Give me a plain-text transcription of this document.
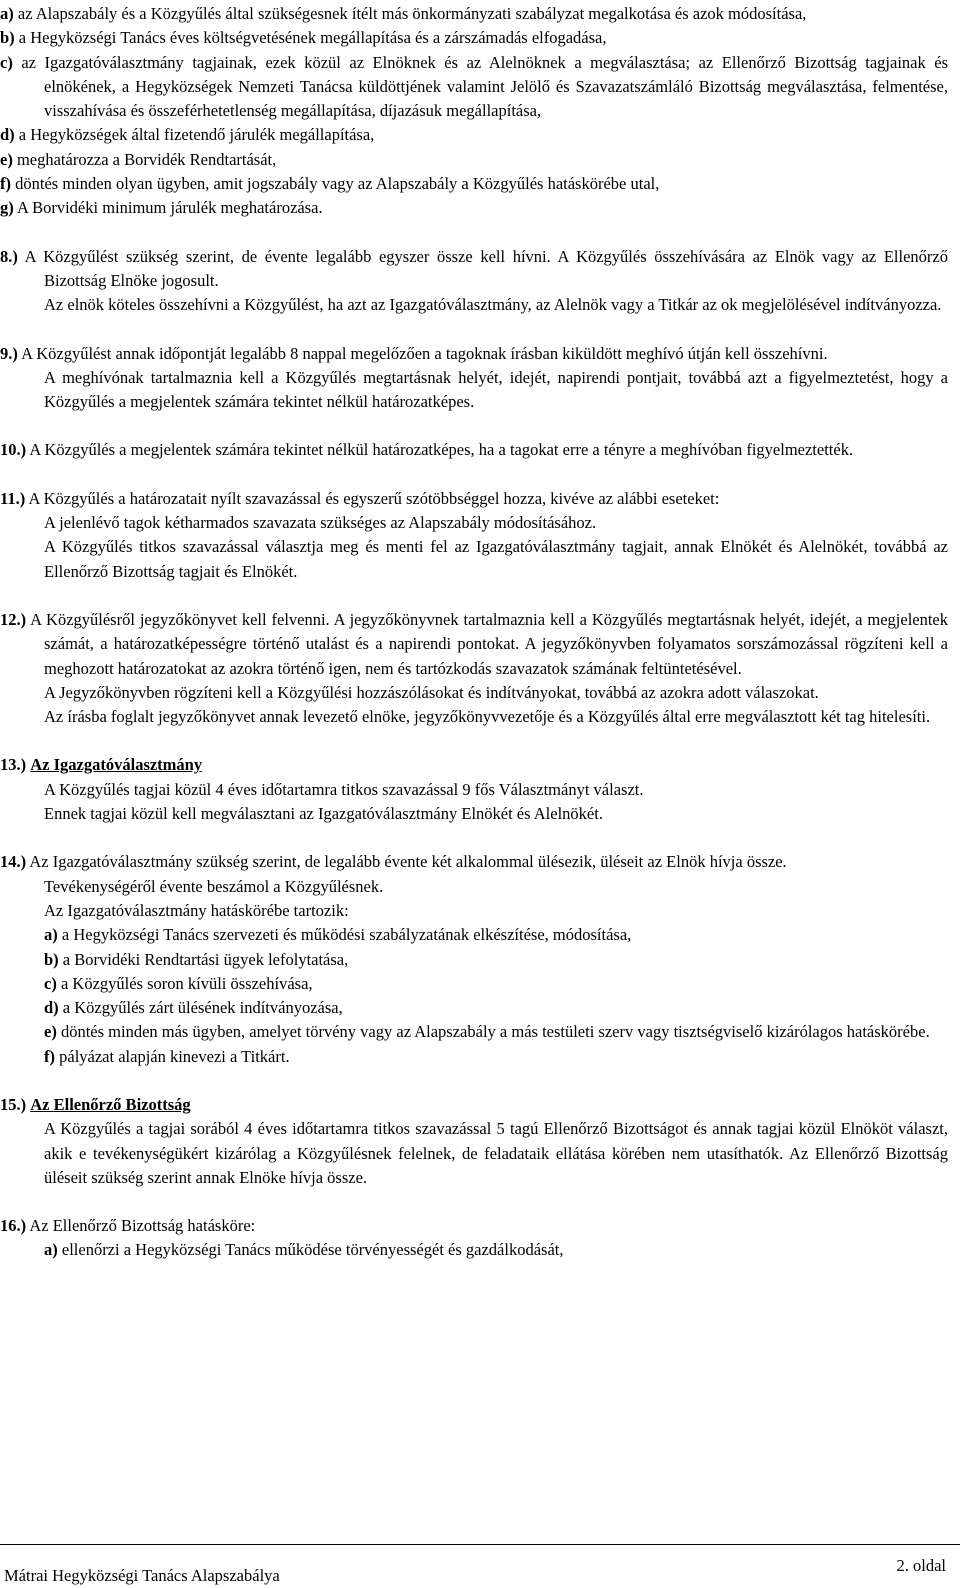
a) az Alapszabály és a Közgyűlés által szükségesnek ítélt más önkormányzati szabályzat megalkotása és azok módosítása,
b) a Hegyközségi Tanács éves költségvetésének megállapítása és a zárszámadás elfogadása,
c) az Igazgatóválasztmány tagjainak, ezek közül az Elnöknek és az Alelnöknek a megválasztása; az Ellenőrző Bizottság tagjainak és elnökének, a Hegyközségek Nemzeti Tanácsa küldöttjének valamint Jelölő és Szavazatszámláló Bizottság megválasztása, felmentése, visszahívása és összeférhetetlenség megállapítása, díjazásuk megállapítása,
d) a Hegyközségek által fizetendő járulék megállapítása,
e) meghatározza a Borvidék Rendtartását,
f) döntés minden olyan ügyben, amit jogszabály vagy az Alapszabály a Közgyűlés hatáskörébe utal,
g) A Borvidéki minimum járulék meghatározása.
8.) A Közgyűlést szükség szerint, de évente legalább egyszer össze kell hívni. A Közgyűlés összehívására az Elnök vagy az Ellenőrző Bizottság Elnöke jogosult.
Az elnök köteles összehívni a Közgyűlést, ha azt az Igazgatóválasztmány, az Alelnök vagy a Titkár az ok megjelölésével indítványozza.
9.) A Közgyűlést annak időpontját legalább 8 nappal megelőzően a tagoknak írásban kiküldött meghívó útján kell összehívni.
A meghívónak tartalmaznia kell a Közgyűlés megtartásnak helyét, idejét, napirendi pontjait, továbbá azt a figyelmeztetést, hogy a Közgyűlés a megjelentek számára tekintet nélkül határozatképes.
10.) A Közgyűlés a megjelentek számára tekintet nélkül határozatképes, ha a tagokat erre a tényre a meghívóban figyelmeztették.
11.) A Közgyűlés a határozatait nyílt szavazással és egyszerű szótöbbséggel hozza, kivéve az alábbi eseteket:
A jelenlévő tagok kétharmados szavazata szükséges az Alapszabály módosításához.
A Közgyűlés titkos szavazással választja meg és menti fel az Igazgatóválasztmány tagjait, annak Elnökét és Alelnökét, továbbá az Ellenőrző Bizottság tagjait és Elnökét.
12.) A Közgyűlésről jegyzőkönyvet kell felvenni. A jegyzőkönyvnek tartalmaznia kell a Közgyűlés megtartásnak helyét, idejét, a megjelentek számát, a határozatképességre történő utalást és a napirendi pontokat. A jegyzőkönyvben folyamatos sorszámozással rögzíteni kell a meghozott határozatokat az azokra történő igen, nem és tartózkodás szavazatok számának feltüntetésével.
A Jegyzőkönyvben rögzíteni kell a Közgyűlési hozzászólásokat és indítványokat, továbbá az azokra adott válaszokat.
Az írásba foglalt jegyzőkönyvet annak levezető elnöke, jegyzőkönyvvezetője és a Közgyűlés által erre megválasztott két tag hitelesíti.
13.) Az Igazgatóválasztmány
A Közgyűlés tagjai közül 4 éves időtartamra titkos szavazással 9 fős Választmányt választ.
Ennek tagjai közül kell megválasztani az Igazgatóválasztmány Elnökét és Alelnökét.
14.) Az Igazgatóválasztmány szükség szerint, de legalább évente két alkalommal ülésezik, üléseit az Elnök hívja össze.
Tevékenységéről évente beszámol a Közgyűlésnek.
Az Igazgatóválasztmány hatáskörébe tartozik:
a) a Hegyközségi Tanács szervezeti és működési szabályzatának elkészítése, módosítása,
b) a Borvidéki Rendtartási ügyek lefolytatása,
c) a Közgyűlés soron kívüli összehívása,
d) a Közgyűlés zárt ülésének indítványozása,
e) döntés minden más ügyben, amelyet törvény vagy az Alapszabály a más testületi szerv vagy tisztségviselő kizárólagos hatáskörébe.
f) pályázat alapján kinevezi a Titkárt.
15.) Az Ellenőrző Bizottság
A Közgyűlés a tagjai sorából 4 éves időtartamra titkos szavazással 5 tagú Ellenőrző Bizottságot és annak tagjai közül Elnököt választ, akik e tevékenységükért kizárólag a Közgyűlésnek felelnek, de feladataik ellátása körében nem utasíthatók. Az Ellenőrző Bizottság üléseit szükség szerint annak Elnöke hívja össze.
16.) Az Ellenőrző Bizottság hatásköre:
a) ellenőrzi a Hegyközségi Tanács működése törvényességét és gazdálkodását,
Mátrai Hegyközségi Tanács Alapszabálya
2. oldal
